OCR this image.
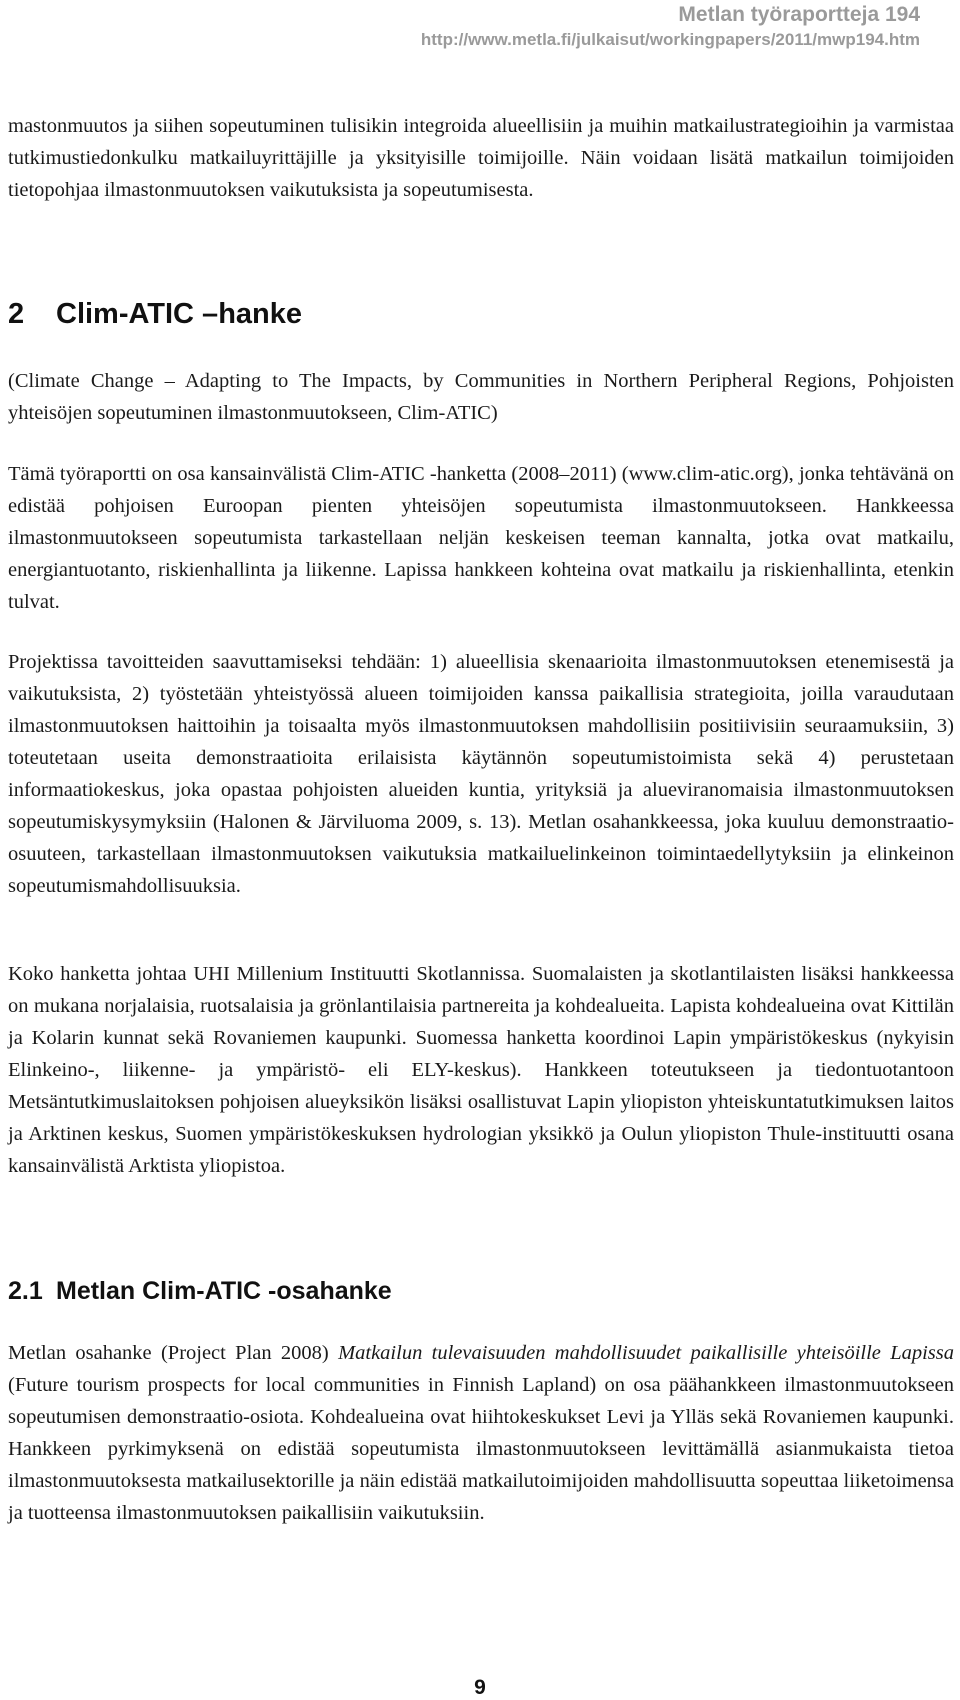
Metlan työraportteja 194
http://www.metla.fi/julkaisut/workingpapers/2011/mwp194.htm

mastonmuutos ja siihen sopeutuminen tulisikin integroida alueellisiin ja muihin matkailustrategioihin ja varmistaa tutkimustiedonkulku matkailuyrittäjille ja yksityisille toimijoille. Näin voidaan lisätä matkailun toimijoiden tietopohjaa ilmastonmuutoksen vaikutuksista ja sopeutumisesta.

2 Clim-ATIC –hanke

(Climate Change – Adapting to The Impacts, by Communities in Northern Peripheral Regions, Pohjoisten yhteisöjen sopeutuminen ilmastonmuutokseen, Clim-ATIC)

Tämä työraportti on osa kansainvälistä Clim-ATIC -hanketta (2008–2011) (www.clim-atic.org), jonka tehtävänä on edistää pohjoisen Euroopan pienten yhteisöjen sopeutumista ilmastonmuutokseen. Hankkeessa ilmastonmuutokseen sopeutumista tarkastellaan neljän keskeisen teeman kannalta, jotka ovat matkailu, energiantuotanto, riskienhallinta ja liikenne. Lapissa hankkeen kohteina ovat matkailu ja riskienhallinta, etenkin tulvat.

Projektissa tavoitteiden saavuttamiseksi tehdään: 1) alueellisia skenaarioita ilmastonmuutoksen etenemisestä ja vaikutuksista, 2) työstetään yhteistyössä alueen toimijoiden kanssa paikallisia strategioita, joilla varaudutaan ilmastonmuutoksen haittoihin ja toisaalta myös ilmastonmuutoksen mahdollisiin positiivisiin seuraamuksiin, 3) toteutetaan useita demonstraatioita erilaisista käytännön sopeutumistoimista sekä 4) perustetaan informaatiokeskus, joka opastaa pohjoisten alueiden kuntia, yrityksiä ja alueviranomaisia ilmastonmuutoksen sopeutumiskysymyksiin (Halonen & Järviluoma 2009, s. 13). Metlan osahankkeessa, joka kuuluu demonstraatio-osuuteen, tarkastellaan ilmastonmuutoksen vaikutuksia matkailuelinkeinon toimintaedellytyksiin ja elinkeinon sopeutumismahdollisuuksia.

Koko hanketta johtaa UHI Millenium Instituutti Skotlannissa. Suomalaisten ja skotlantilaisten lisäksi hankkeessa on mukana norjalaisia, ruotsalaisia ja grönlantilaisia partnereita ja kohdealueita. Lapista kohdealueina ovat Kittilän ja Kolarin kunnat sekä Rovaniemen kaupunki. Suomessa hanketta koordinoi Lapin ympäristökeskus (nykyisin Elinkeino-, liikenne- ja ympäristö- eli ELY-keskus). Hankkeen toteutukseen ja tiedontuotantoon Metsäntutkimuslaitoksen pohjoisen alueyksikön lisäksi osallistuvat Lapin yliopiston yhteiskuntatutkimuksen laitos ja Arktinen keskus, Suomen ympäristökeskuksen hydrologian yksikkö ja Oulun yliopiston Thule-instituutti osana kansainvälistä Arktista yliopistoa.

2.1 Metlan Clim-ATIC -osahanke

Metlan osahanke (Project Plan 2008) Matkailun tulevaisuuden mahdollisuudet paikallisille yhteisöille Lapissa (Future tourism prospects for local communities in Finnish Lapland) on osa päähankkeen ilmastonmuutokseen sopeutumisen demonstraatio-osiota. Kohdealueina ovat hiihtokeskukset Levi ja Ylläs sekä Rovaniemen kaupunki. Hankkeen pyrkimyksenä on edistää sopeutumista ilmastonmuutokseen levittämällä asianmukaista tietoa ilmastonmuutoksesta matkailusektorille ja näin edistää matkailutoimijoiden mahdollisuutta sopeuttaa liiketoimensa ja tuotteensa ilmastonmuutoksen paikallisiin vaikutuksiin.

9
